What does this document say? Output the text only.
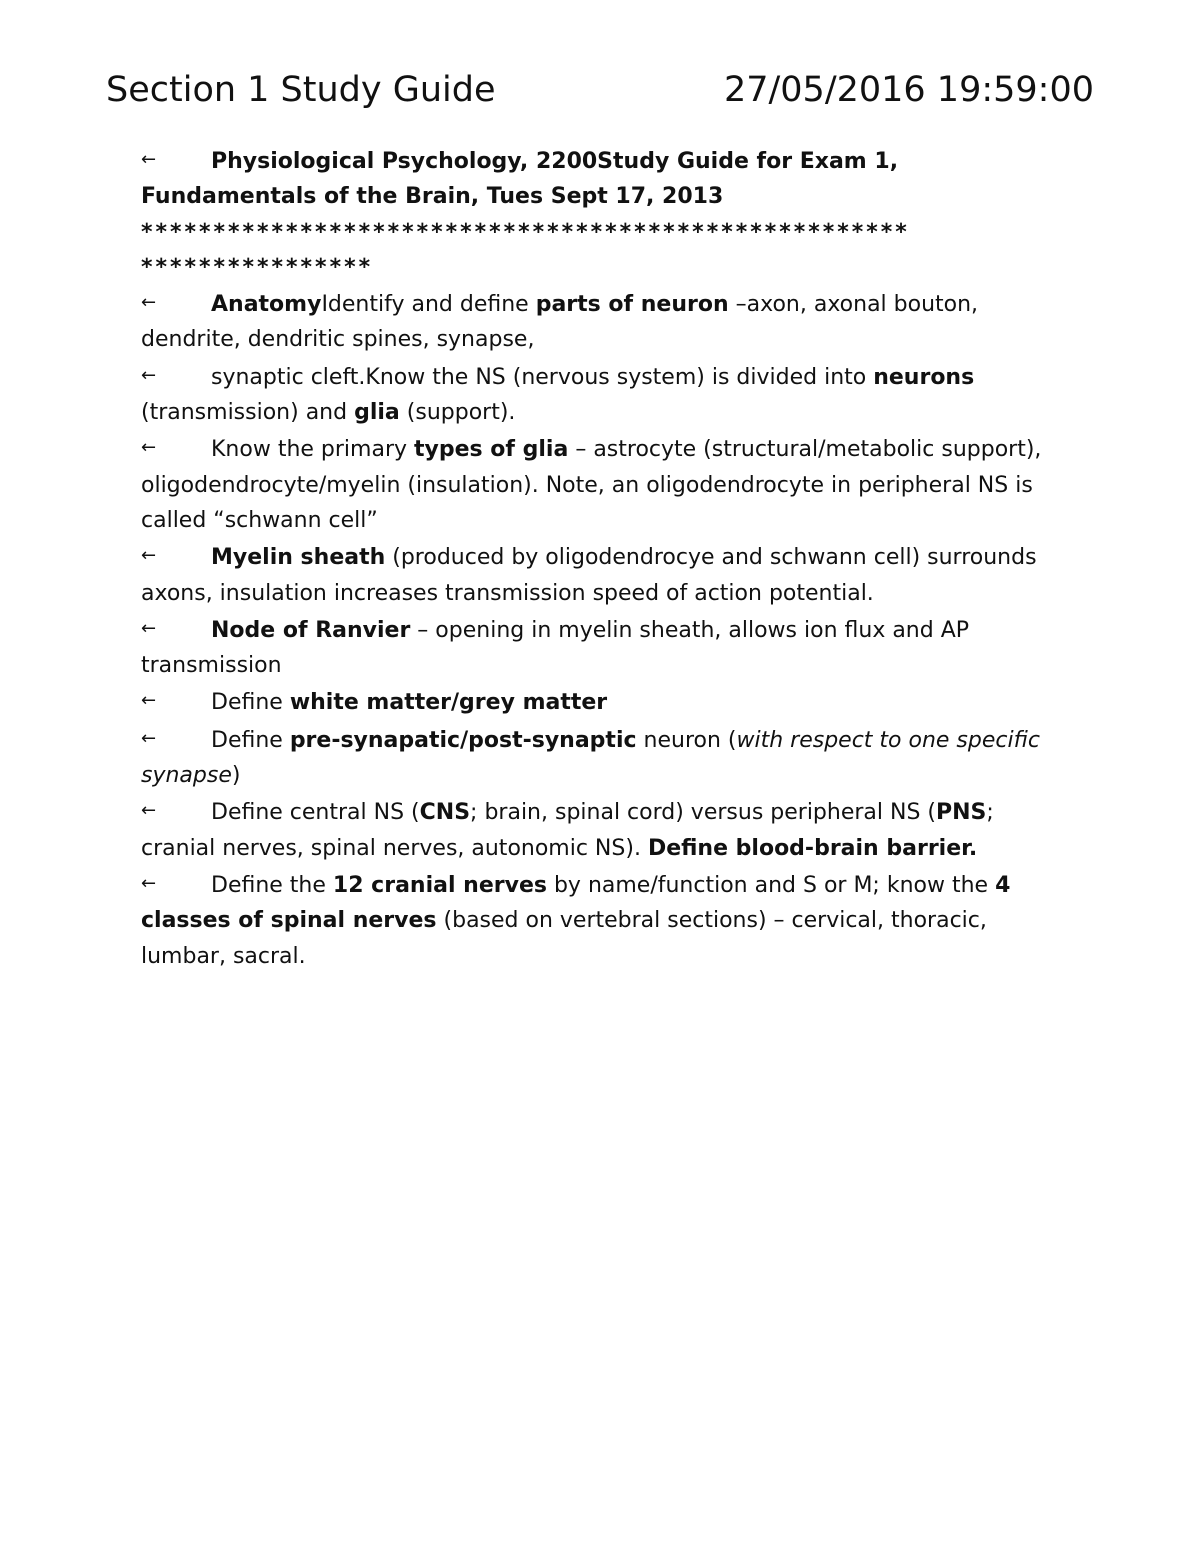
Section 1 Study Guide	27/05/2016 19:59:00

← Physiological Psychology, 2200Study Guide for Exam 1, Fundamentals of the Brain, Tues Sept 17, 2013 ***************************************************** ****************

← AnatomyIdentify and define parts of neuron –axon, axonal bouton, dendrite, dendritic spines, synapse,

← synaptic cleft.Know the NS (nervous system) is divided into neurons (transmission) and glia (support).

← Know the primary types of glia – astrocyte (structural/metabolic support), oligodendrocyte/myelin (insulation). Note, an oligodendrocyte in peripheral NS is called “schwann cell”

← Myelin sheath (produced by oligodendrocye and schwann cell) surrounds axons, insulation increases transmission speed of action potential.

← Node of Ranvier – opening in myelin sheath, allows ion flux and AP transmission

← Define white matter/grey matter

← Define pre-synapatic/post-synaptic neuron (with respect to one specific synapse)

← Define central NS (CNS; brain, spinal cord) versus peripheral NS (PNS; cranial nerves, spinal nerves, autonomic NS). Define blood-brain barrier.

← Define the 12 cranial nerves by name/function and S or M; know the 4 classes of spinal nerves (based on vertebral sections) – cervical, thoracic, lumbar, sacral.
